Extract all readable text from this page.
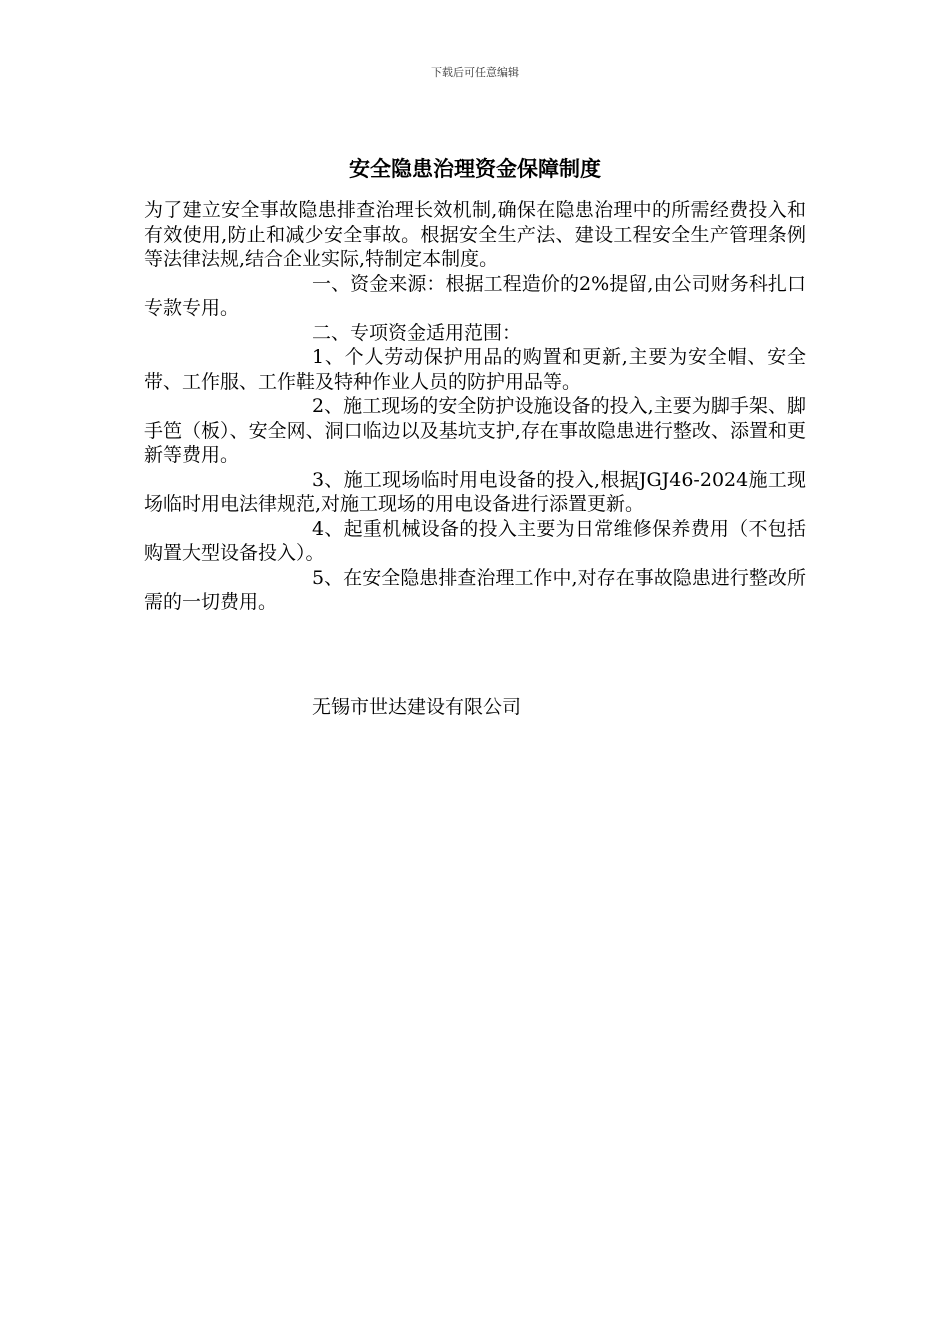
下载后可任意编辑
安全隐患治理资金保障制度

为了建立安全事故隐患排查治理长效机制,确保在隐患治理中的所需经费投入和有效使用,防止和减少安全事故。根据安全生产法、建设工程安全生产管理条例等法律法规,结合企业实际,特制定本制度。

一、资金来源：根据工程造价的2%提留,由公司财务科扎口专款专用。

二、专项资金适用范围：

1、个人劳动保护用品的购置和更新,主要为安全帽、安全带、工作服、工作鞋及特种作业人员的防护用品等。

2、施工现场的安全防护设施设备的投入,主要为脚手架、脚手笆（板）、安全网、洞口临边以及基坑支护,存在事故隐患进行整改、添置和更新等费用。

3、施工现场临时用电设备的投入,根据JGJ46-2024施工现场临时用电法律规范,对施工现场的用电设备进行添置更新。

4、起重机械设备的投入主要为日常维修保养费用（不包括购置大型设备投入）。

5、在安全隐患排查治理工作中,对存在事故隐患进行整改所需的一切费用。

无锡市世达建设有限公司
